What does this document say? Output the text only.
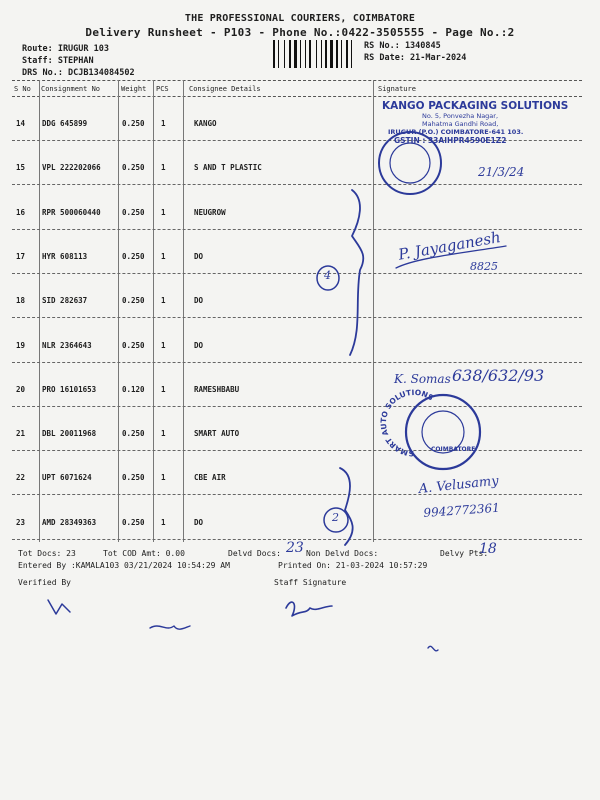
THE PROFESSIONAL COURIERS, COIMBATORE
Delivery Runsheet - P103 - Phone No.:0422-3505555 - Page No.:2
Route: IRUGUR 103
Staff: STEPHAN
DRS No.: DCJB134084502
RS No.: 1340845
RS Date: 21-Mar-2024
S No Consignment No	Weight PCS	Consignee Details	Signature
14 DDG 645899	0.250 1	KANGO
15 VPL 222202066	0.250 1	S AND T PLASTIC
16 RPR 500060440	0.250 1	NEUGROW
17 HYR 608113	0.250 1	DO
18 SID 282637	0.250 1	DO
19 NLR 2364643	0.250 1	DO
20 PRO 16101653	0.120 1	RAMESHBABU
21 DBL 20011968	0.250 1	SMART AUTO
22 UPT 6071624	0.250 1	CBE AIR
23 AMD 28349363	0.250 1	DO
Tot Docs: 23	Tot COD Amt: 0.00	Delvd Docs:	Non Delvd Docs:	Delvy Pts:
Entered By :KAMALA103 03/21/2024 10:54:29 AM	Printed On: 21-03-2024 10:57:29
Verified By	Staff Signature
KANGO PACKAGING SOLUTIONS
No. 5, Ponvezha Nagar,
Mahatma Gandhi Road,
IRUGUR (P.O.) COIMBATORE-641 103.
GSTIN : 33AIHPR4590E1Z2
SMART AUTO SOLUTIONS
COIMBATORE
21/3/24
P. Jayaganesh
8825
K. Somas 638/632/93
A. Velusamy
9942772361
4
2
23	18
